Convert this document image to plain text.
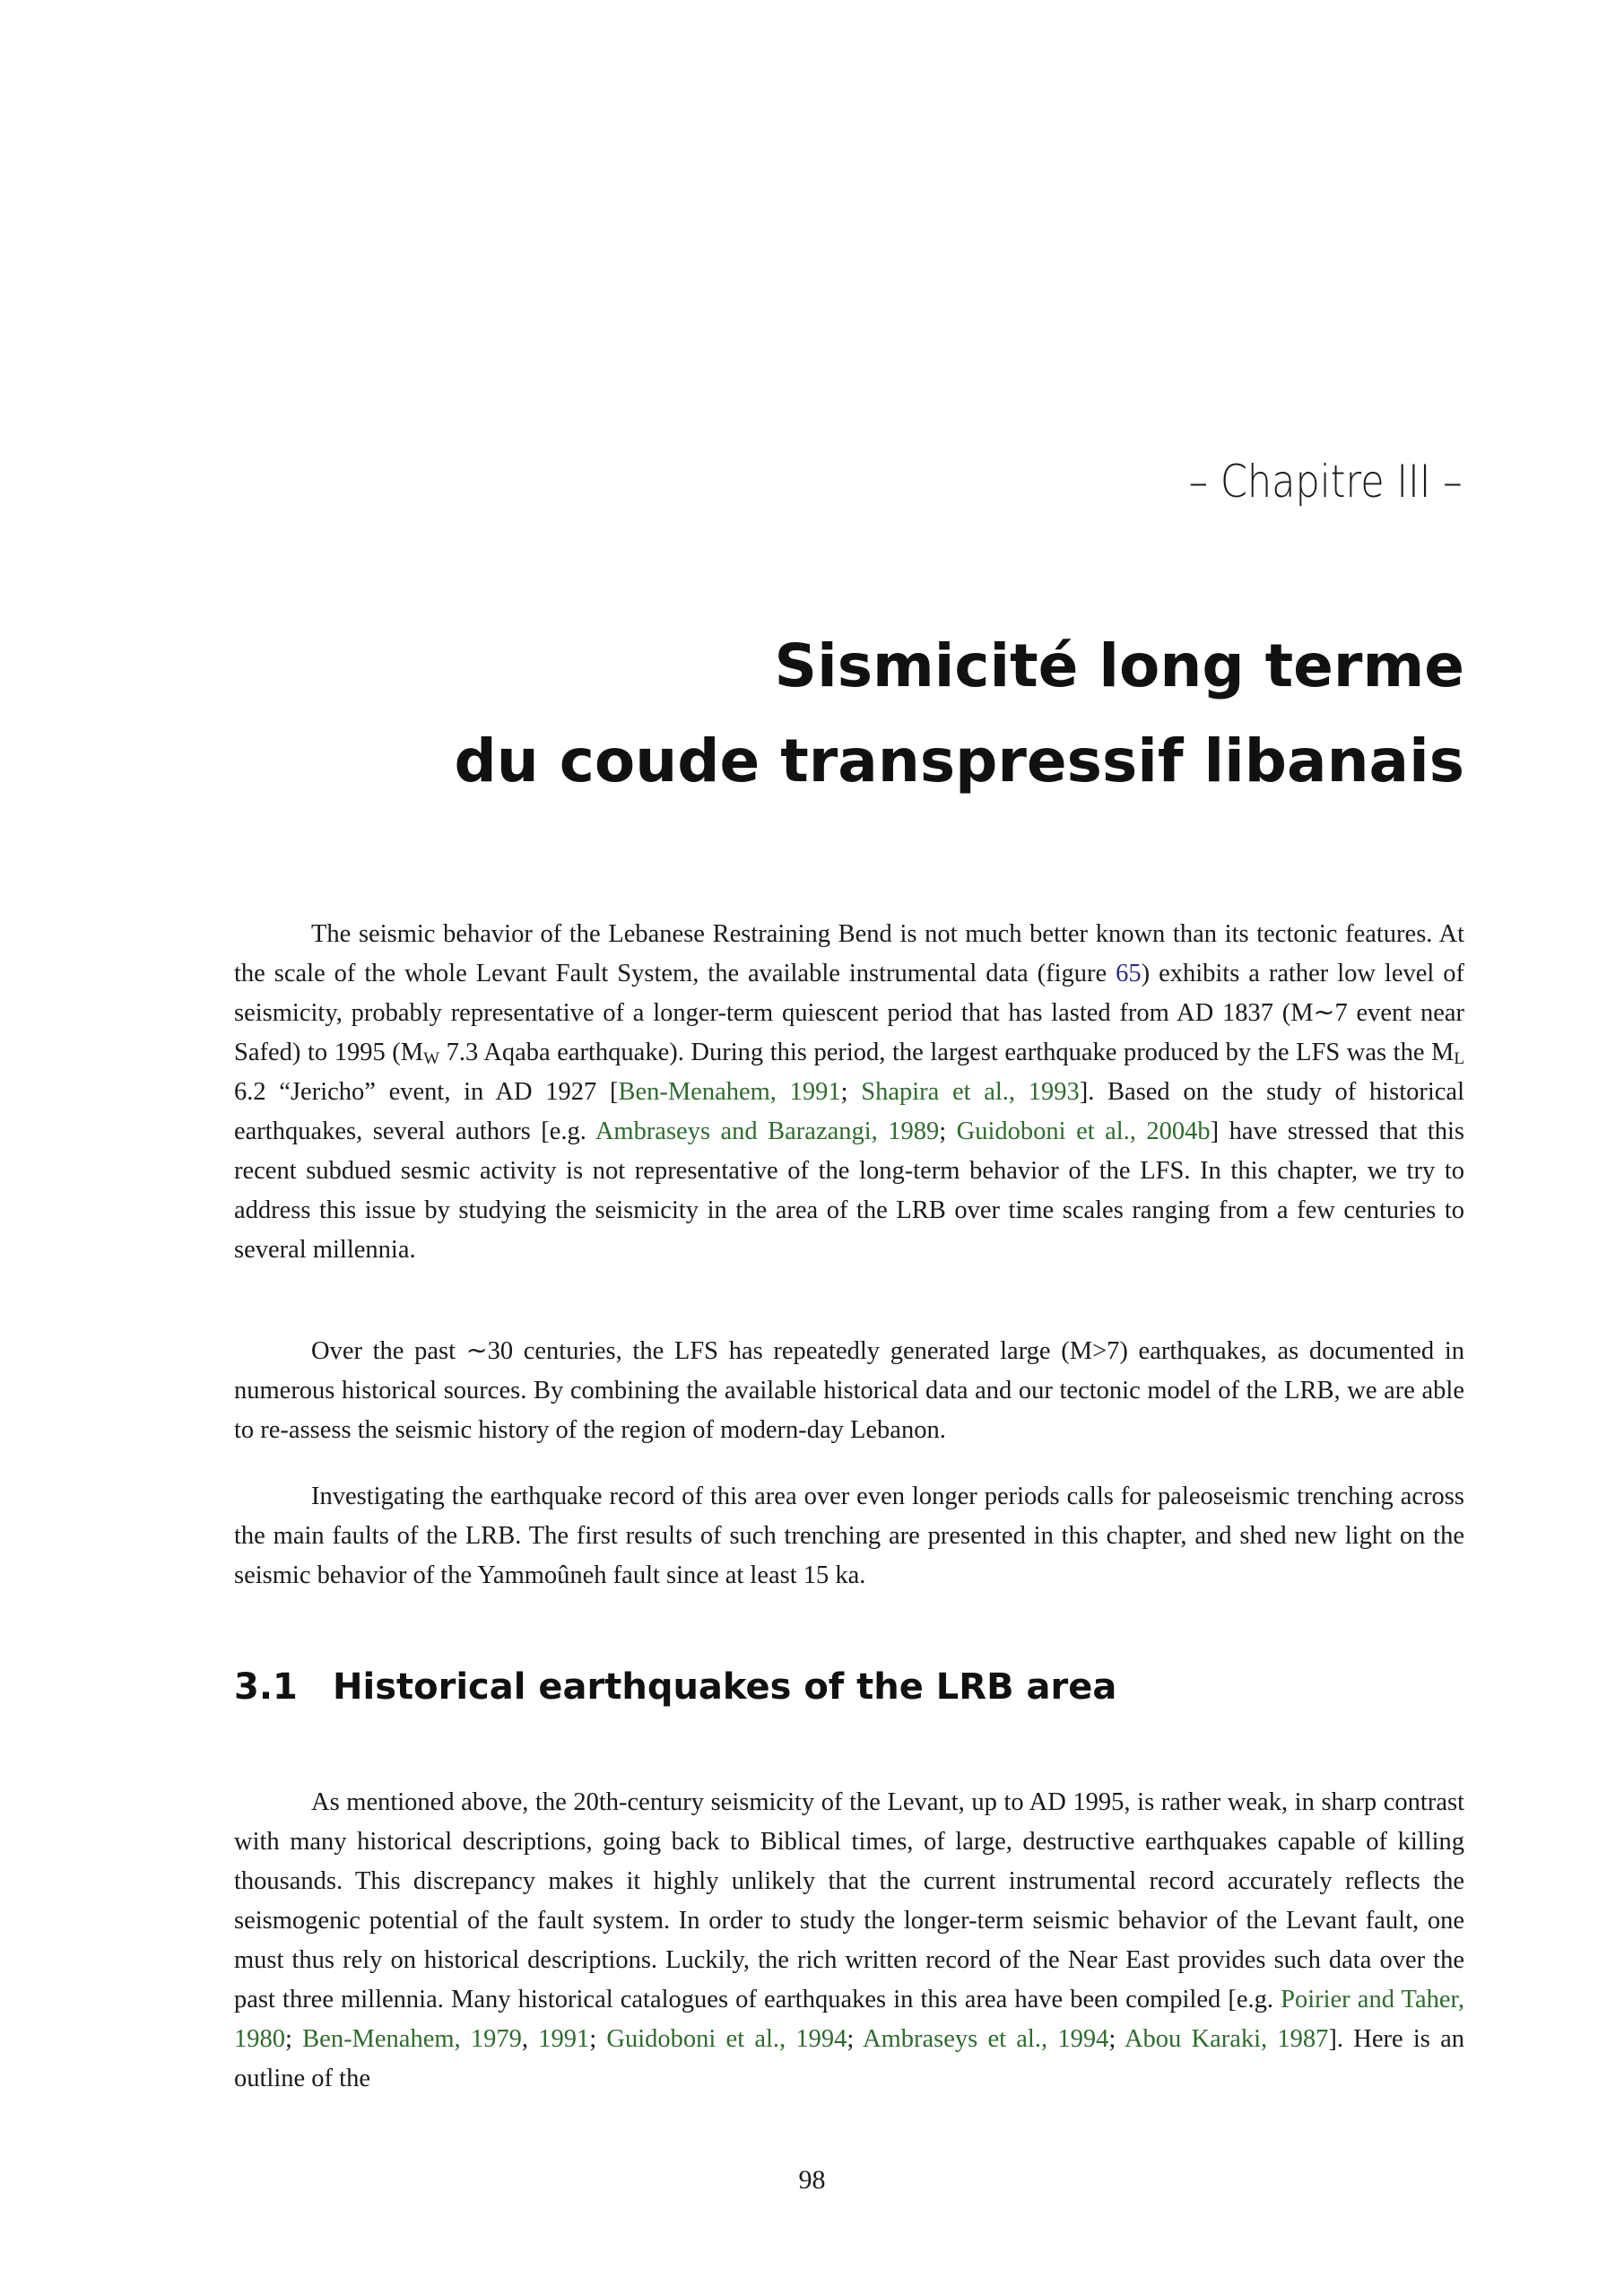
– Chapitre III –
Sismicité long terme
du coude transpressif libanais

The seismic behavior of the Lebanese Restraining Bend is not much better known than its tectonic features. At the scale of the whole Levant Fault System, the available instrumental data (figure 65) exhibits a rather low level of seismicity, probably representative of a longer-term quiescent period that has lasted from AD 1837 (M∼7 event near Safed) to 1995 ($M_W$ 7.3 Aqaba earthquake). During this period, the largest earthquake produced by the LFS was the $M_L$ 6.2 “Jericho” event, in AD 1927 [Ben-Menahem, 1991; Shapira et al., 1993]. Based on the study of historical earthquakes, several authors [e.g. Ambraseys and Barazangi, 1989; Guidoboni et al., 2004b] have stressed that this recent subdued sesmic activity is not representative of the long-term behavior of the LFS. In this chapter, we try to address this issue by studying the seismicity in the area of the LRB over time scales ranging from a few centuries to several millennia.

Over the past ∼30 centuries, the LFS has repeatedly generated large (M>7) earthquakes, as documented in numerous historical sources. By combining the available historical data and our tectonic model of the LRB, we are able to re-assess the seismic history of the region of modern-day Lebanon.

Investigating the earthquake record of this area over even longer periods calls for paleoseismic trenching across the main faults of the LRB. The first results of such trenching are presented in this chapter, and shed new light on the seismic behavior of the Yammoûneh fault since at least 15 ka.

3.1 Historical earthquakes of the LRB area

As mentioned above, the 20th-century seismicity of the Levant, up to AD 1995, is rather weak, in sharp contrast with many historical descriptions, going back to Biblical times, of large, destructive earthquakes capable of killing thousands. This discrepancy makes it highly unlikely that the current instrumental record accurately reflects the seismogenic potential of the fault system. In order to study the longer-term seismic behavior of the Levant fault, one must thus rely on historical descriptions. Luckily, the rich written record of the Near East provides such data over the past three millennia. Many historical catalogues of earthquakes in this area have been compiled [e.g. Poirier and Taher, 1980; Ben-Menahem, 1979, 1991; Guidoboni et al., 1994; Ambraseys et al., 1994; Abou Karaki, 1987]. Here is an outline of the

98
